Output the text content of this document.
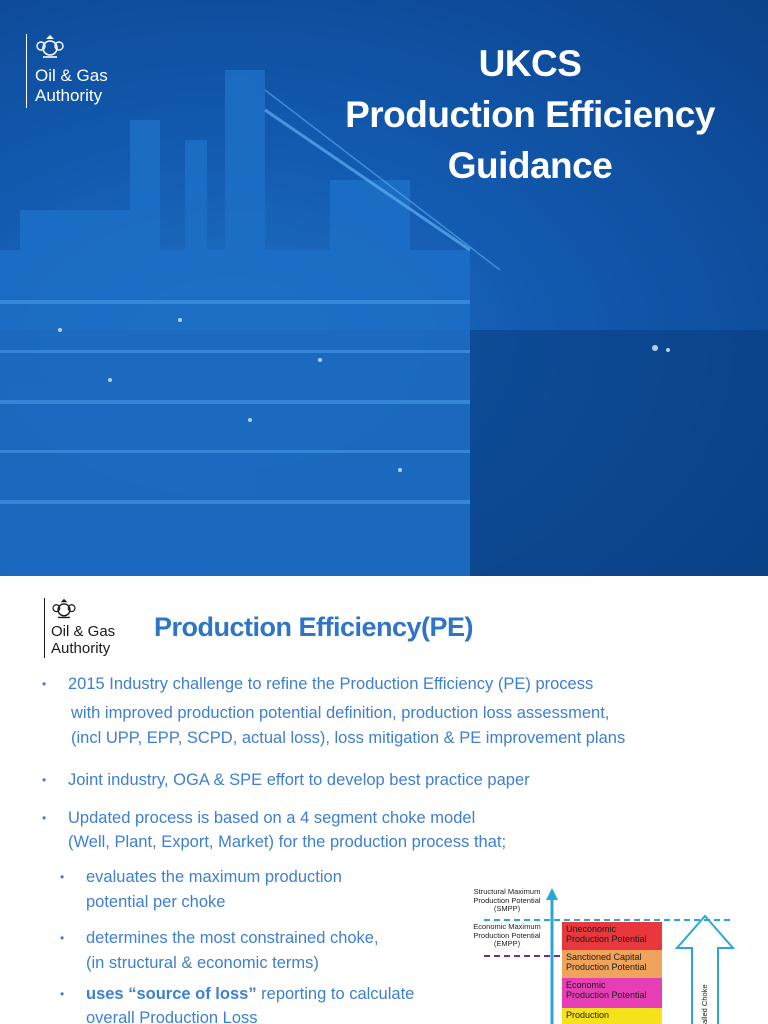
Oil & Gas
Authority
UKCS
Production Efficiency
Guidance
Oil & Gas
Authority
Production Efficiency(PE)
• 2015 Industry challenge to refine the Production Efficiency (PE) process
with improved production potential definition, production loss assessment,
(incl UPP, EPP, SCPD, actual loss), loss mitigation & PE improvement plans
• Joint industry, OGA & SPE effort to develop best practice paper
• Updated process is based on a 4 segment choke model
(Well, Plant, Export, Market) for the production process that;
• evaluates the maximum production
potential per choke
• determines the most constrained choke,
(in structural & economic terms)
• uses “source of loss” reporting to calculate
overall Production Loss
Structural Maximum
Production Potential
(SMPP)
Economic Maximum
Production Potential
(EMPP)
Uneconomic
Production Potential
Sanctioned Capital
Production Potential
Economic
Production Potential
Production	alled Choke
